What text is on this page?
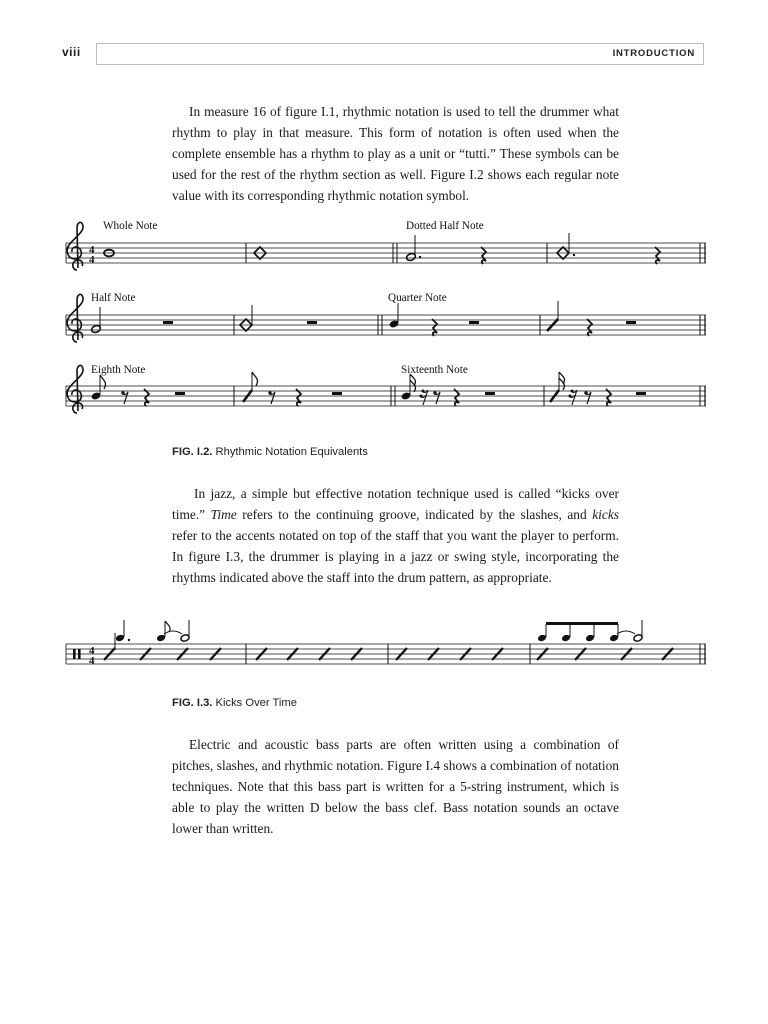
viii	INTRODUCTION

In measure 16 of figure I.1, rhythmic notation is used to tell the drummer what rhythm to play in that measure. This form of notation is often used when the complete ensemble has a rhythm to play as a unit or “tutti.” These symbols can be used for the rest of the rhythm section as well. Figure I.2 shows each regular note value with its corresponding rhythmic notation symbol.

Whole Note	Dotted Half Note
Half Note	Quarter Note
Eighth Note	Sixteenth Note
4
4
4
4
FIG. I.2. Rhythmic Notation Equivalents

In jazz, a simple but effective notation technique used is called “kicks over time.” Time refers to the continuing groove, indicated by the slashes, and kicks refer to the accents notated on top of the staff that you want the player to perform. In figure I.3, the drummer is playing in a jazz or swing style, incorporating the rhythms indicated above the staff into the drum pattern, as appropriate.

FIG. I.3. Kicks Over Time

Electric and acoustic bass parts are often written using a combination of pitches, slashes, and rhythmic notation. Figure I.4 shows a combination of notation techniques. Note that this bass part is written for a 5-string instrument, which is able to play the written D below the bass clef. Bass notation sounds an octave lower than written.
